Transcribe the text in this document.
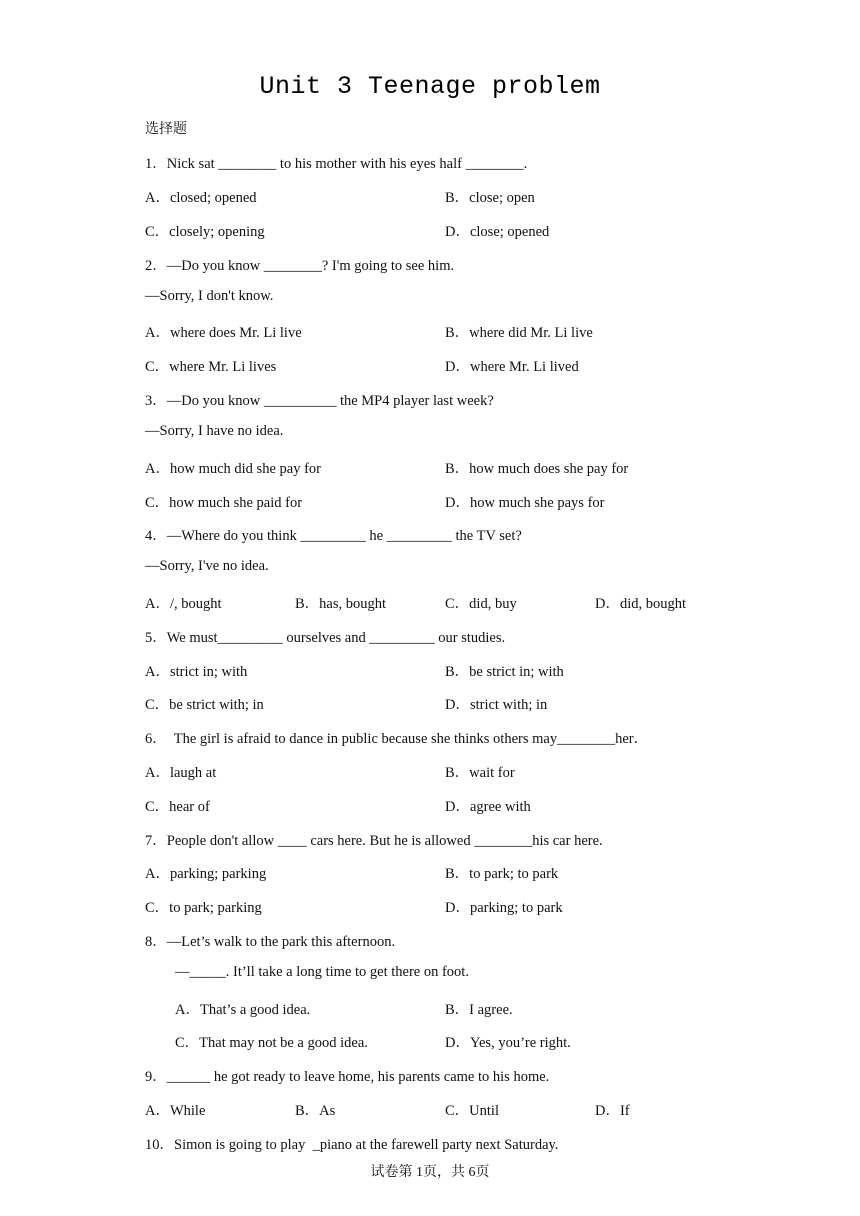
Unit 3 Teenage problem
选择题
1．Nick sat ________ to his mother with his eyes half ________.
A．closed; opened	B．close; open
C．closely; opening	D．close; opened
2．—Do you know ________? I'm going to see him.
—Sorry, I don't know.
A．where does Mr. Li live	B．where did Mr. Li live
C．where Mr. Li lives	D．where Mr. Li lived
3．—Do you know __________ the MP4 player last week?
—Sorry, I have no idea.
A．how much did she pay for	B．how much does she pay for
C．how much she paid for	D．how much she pays for
4．—Where do you think _________ he _________ the TV set?
—Sorry, I've no idea.
A．/, bought	B．has, bought	C．did, buy	D．did, bought
5．We must_________ ourselves and _________ our studies.
A．strict in; with	B．be strict in; with
C．be strict with; in	D．strict with; in
6．  The girl is afraid to dance in public because she thinks others may________her．
A．laugh at	B．wait for
C．hear of	D．agree with
7．People don't allow ____ cars here. But he is allowed ________his car here.
A．parking; parking	B．to park; to park
C．to park; parking	D．parking; to park
8．—Let’s walk to the park this afternoon.
—_____. It’ll take a long time to get there on foot.
A．That’s a good idea.	B．I agree.
C．That may not be a good idea.	D．Yes, you’re right.
9．______ he got ready to leave home, his parents came to his home.
A．While	B．As	C．Until	D．If
10．Simon is going to play  _piano at the farewell party next Saturday.
试卷第 1页，共 6页
